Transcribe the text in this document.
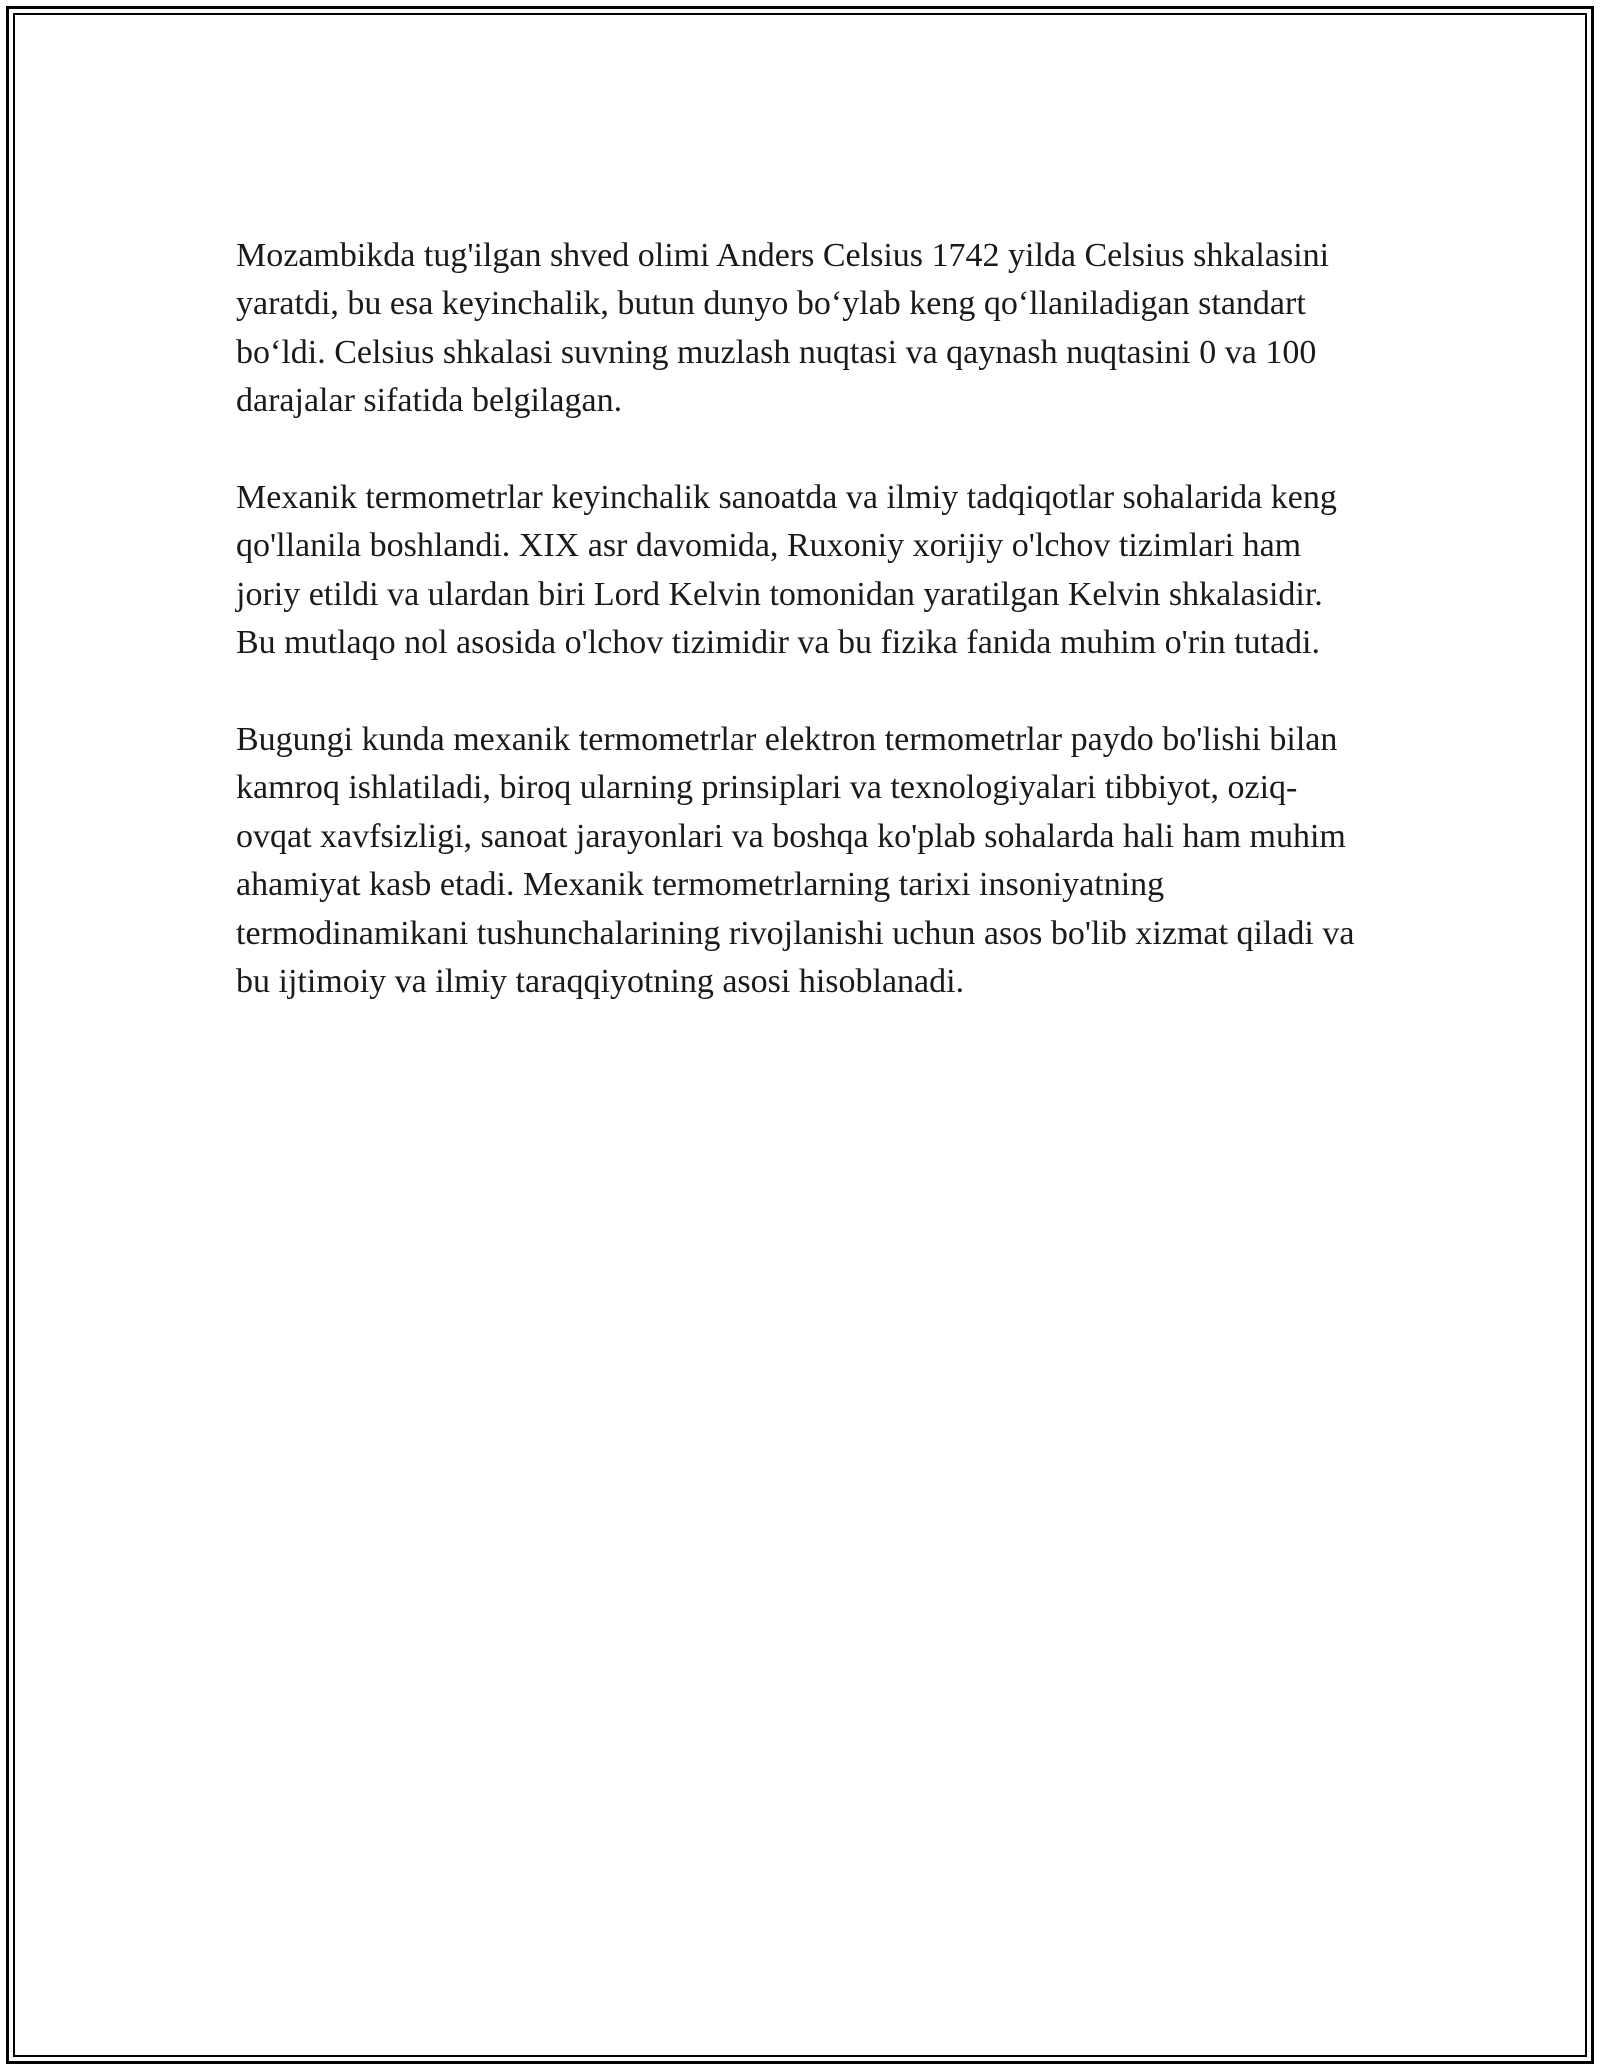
Mozambikda tug'ilgan shved olimi Anders Celsius 1742 yilda Celsius shkalasini yaratdi, bu esa keyinchalik, butun dunyo bo‘ylab keng qo‘llaniladigan standart bo‘ldi. Celsius shkalasi suvning muzlash nuqtasi va qaynash nuqtasini 0 va 100 darajalar sifatida belgilagan.

Mexanik termometrlar keyinchalik sanoatda va ilmiy tadqiqotlar sohalarida keng qo'llanila boshlandi. XIX asr davomida, Ruxoniy xorijiy o'lchov tizimlari ham joriy etildi va ulardan biri Lord Kelvin tomonidan yaratilgan Kelvin shkalasidir. Bu mutlaqo nol asosida o'lchov tizimidir va bu fizika fanida muhim o'rin tutadi.

Bugungi kunda mexanik termometrlar elektron termometrlar paydo bo'lishi bilan kamroq ishlatiladi, biroq ularning prinsiplari va texnologiyalari tibbiyot, oziq-ovqat xavfsizligi, sanoat jarayonlari va boshqa ko'plab sohalarda hali ham muhim ahamiyat kasb etadi. Mexanik termometrlarning tarixi insoniyatning termodinamikani tushunchalarining rivojlanishi uchun asos bo'lib xizmat qiladi va bu ijtimoiy va ilmiy taraqqiyotning asosi hisoblanadi.
